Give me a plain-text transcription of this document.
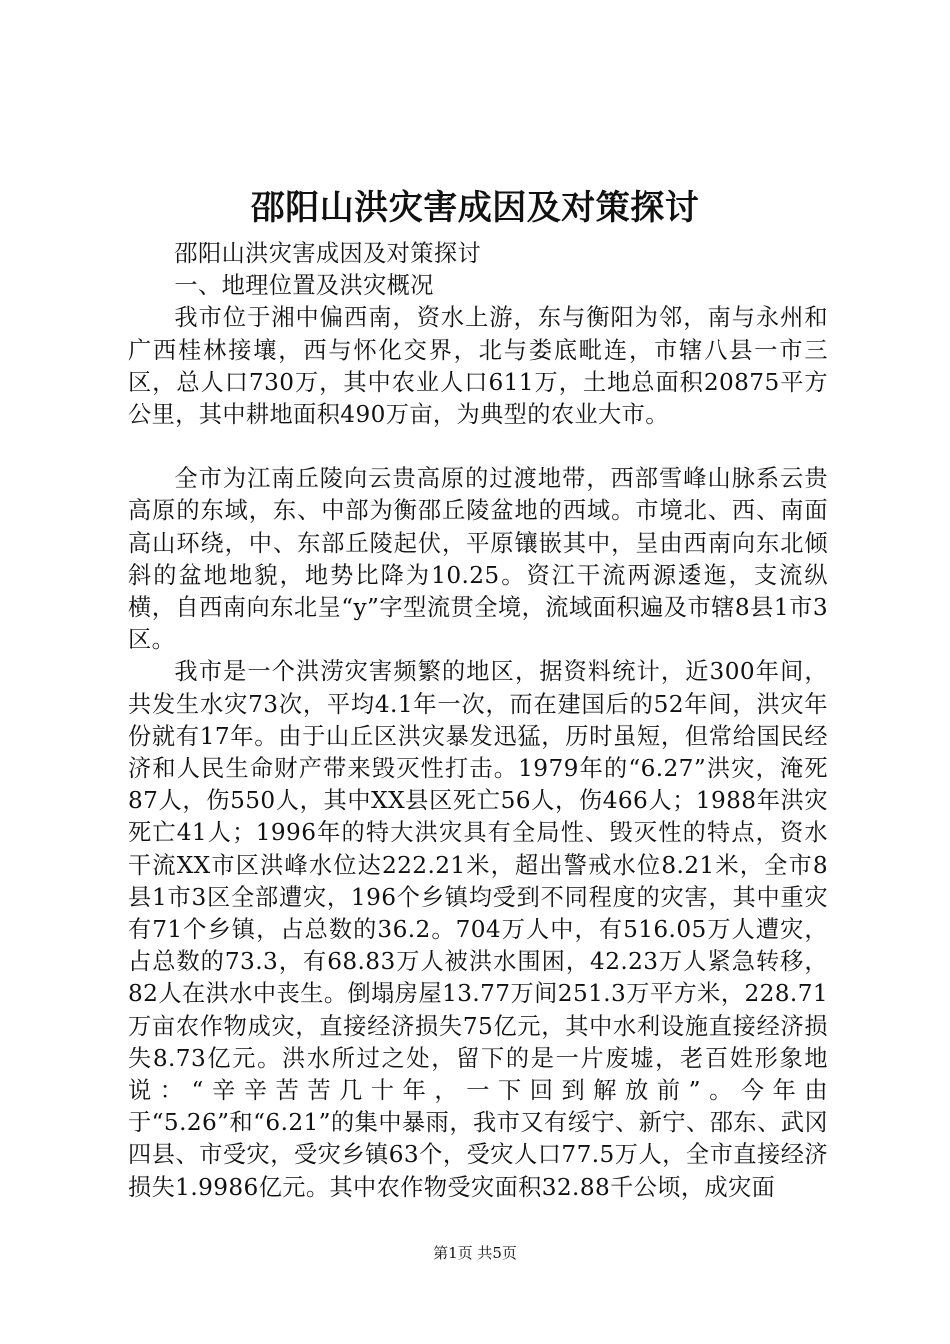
邵阳山洪灾害成因及对策探讨

邵阳山洪灾害成因及对策探讨

一、地理位置及洪灾概况

我市位于湘中偏西南，资水上游，东与衡阳为邻，南与永州和广西桂林接壤，西与怀化交界，北与娄底毗连，市辖八县一市三区，总人口730万，其中农业人口611万，土地总面积20875平方公里，其中耕地面积490万亩，为典型的农业大市。

全市为江南丘陵向云贵高原的过渡地带，西部雪峰山脉系云贵高原的东域，东、中部为衡邵丘陵盆地的西域。市境北、西、南面高山环绕，中、东部丘陵起伏，平原镶嵌其中，呈由西南向东北倾斜的盆地地貌，地势比降为10.25。资江干流两源逶迤，支流纵横，自西南向东北呈“y”字型流贯全境，流域面积遍及市辖8县1市3区。

我市是一个洪涝灾害频繁的地区，据资料统计，近300年间，共发生水灾73次，平均4.1年一次，而在建国后的52年间，洪灾年份就有17年。由于山丘区洪灾暴发迅猛，历时虽短，但常给国民经济和人民生命财产带来毁灭性打击。1979年的“6.27”洪灾，淹死87人，伤550人，其中XX县区死亡56人，伤466人；1988年洪灾死亡41人；1996年的特大洪灾具有全局性、毁灭性的特点，资水干流XX市区洪峰水位达222.21米，超出警戒水位8.21米，全市8县1市3区全部遭灾，196个乡镇均受到不同程度的灾害，其中重灾有71个乡镇，占总数的36.2。704万人中，有516.05万人遭灾，占总数的73.3，有68.83万人被洪水围困，42.23万人紧急转移，82人在洪水中丧生。倒塌房屋13.77万间251.3万平方米，228.71万亩农作物成灾，直接经济损失75亿元，其中水利设施直接经济损失8.73亿元。洪水所过之处，留下的是一片废墟，老百姓形象地说：“辛辛苦苦几十年，一下回到解放前”。今年由于“5.26”和“6.21”的集中暴雨，我市又有绥宁、新宁、邵东、武冈四县、市受灾，受灾乡镇63个，受灾人口77.5万人，全市直接经济损失1.9986亿元。其中农作物受灾面积32.88千公顷，成灾面

第1页 共5页
